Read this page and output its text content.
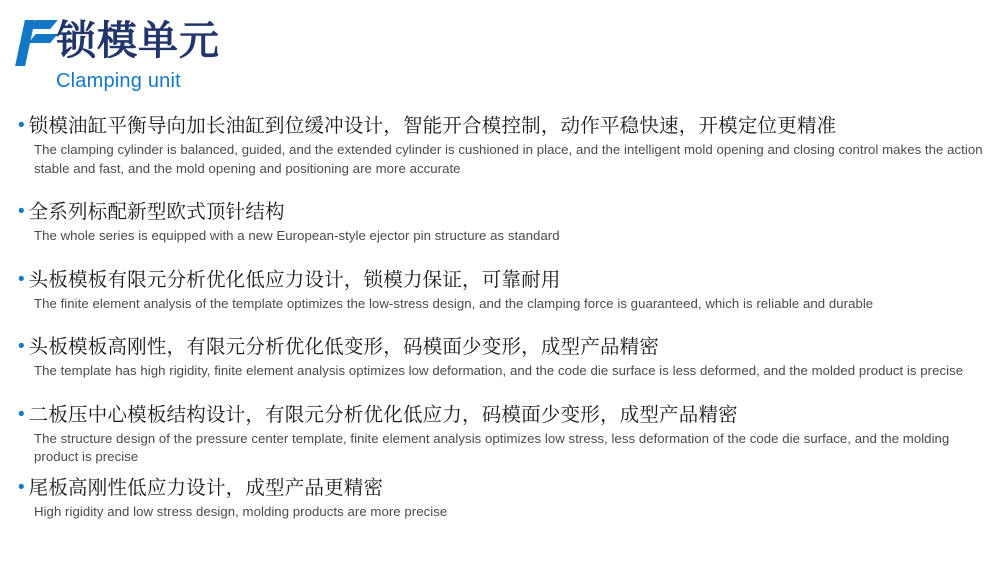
锁模单元
Clamping unit
• 锁模油缸平衡导向加长油缸到位缓冲设计，智能开合模控制，动作平稳快速，开模定位更精准
The clamping cylinder is balanced, guided, and the extended cylinder is cushioned in place, and the intelligent mold opening and closing control makes the action stable and fast, and the mold opening and positioning are more accurate
• 全系列标配新型欧式顶针结构
The whole series is equipped with a new European-style ejector pin structure as standard
• 头板模板有限元分析优化低应力设计，锁模力保证，可靠耐用
The finite element analysis of the template optimizes the low-stress design, and the clamping force is guaranteed, which is reliable and durable
• 头板模板高刚性，有限元分析优化低变形，码模面少变形，成型产品精密
The template has high rigidity, finite element analysis optimizes low deformation, and the code die surface is less deformed, and the molded product is precise
• 二板压中心模板结构设计，有限元分析优化低应力，码模面少变形，成型产品精密
The structure design of the pressure center template, finite element analysis optimizes low stress, less deformation of the code die surface, and the molding product is precise
• 尾板高刚性低应力设计，成型产品更精密
High rigidity and low stress design, molding products are more precise
